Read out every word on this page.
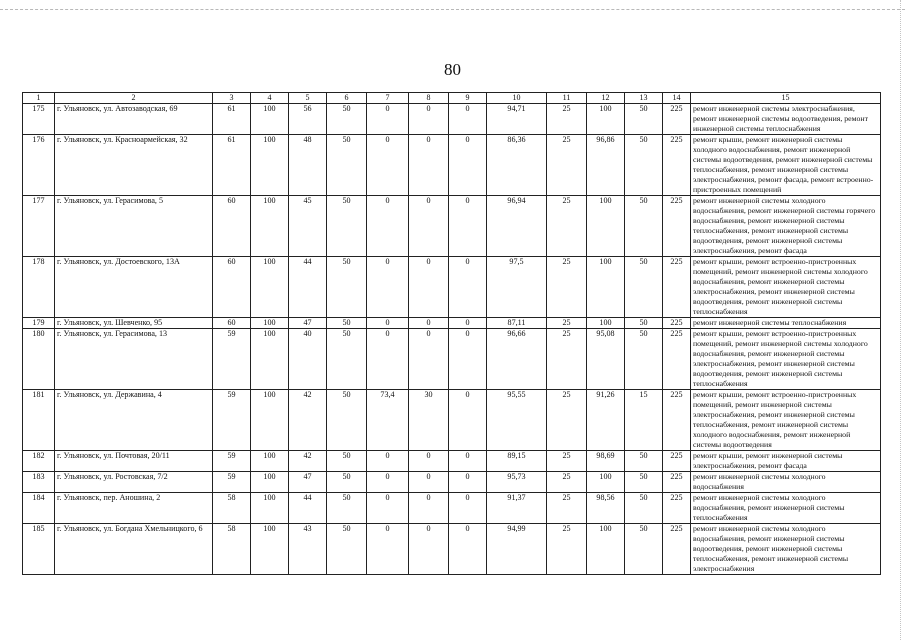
80
1	2	3	4	5	6	7	8	9	10	11	12	13	14	15
175	г. Ульяновск, ул. Автозаводская, 69	61	100	56	50	0	0	0	94,71	25	100	50	225	ремонт инженерной системы электроснабжения, ремонт инженерной системы водоотведения, ремонт инженерной системы теплоснабжения
176	г. Ульяновск, ул. Красноармейская, 32	61	100	48	50	0	0	0	86,36	25	96,86	50	225	ремонт крыши, ремонт инженерной системы холодного водоснабжения, ремонт инженерной системы водоотведения, ремонт инженерной системы теплоснабжения, ремонт инженерной системы электроснабжения, ремонт фасада, ремонт встроенно-пристроенных помещений
177	г. Ульяновск, ул. Герасимова, 5	60	100	45	50	0	0	0	96,94	25	100	50	225	ремонт инженерной системы холодного водоснабжения, ремонт инженерной системы горячего водоснабжения, ремонт инженерной системы теплоснабжения, ремонт инженерной системы водоотведения, ремонт инженерной системы электроснабжения, ремонт фасада
178	г. Ульяновск, ул. Достоевского, 13А	60	100	44	50	0	0	0	97,5	25	100	50	225	ремонт крыши, ремонт встроенно-пристроенных помещений, ремонт инженерной системы холодного водоснабжения, ремонт инженерной системы электроснабжения, ремонт инженерной системы водоотведения, ремонт инженерной системы теплоснабжения
179	г. Ульяновск, ул. Шевченко, 95	60	100	47	50	0	0	0	87,11	25	100	50	225	ремонт инженерной системы теплоснабжения
180	г. Ульяновск, ул. Герасимова, 13	59	100	40	50	0	0	0	96,66	25	95,08	50	225	ремонт крыши, ремонт встроенно-пристроенных помещений, ремонт инженерной системы холодного водоснабжения, ремонт инженерной системы электроснабжения, ремонт инженерной системы водоотведения, ремонт инженерной системы теплоснабжения
181	г. Ульяновск, ул. Державина, 4	59	100	42	50	73,4	30	0	95,55	25	91,26	15	225	ремонт крыши, ремонт встроенно-пристроенных помещений, ремонт инженерной системы электроснабжения, ремонт инженерной системы теплоснабжения, ремонт инженерной системы холодного водоснабжения, ремонт инженерной системы водоотведения
182	г. Ульяновск, ул. Почтовая, 20/11	59	100	42	50	0	0	0	89,15	25	98,69	50	225	ремонт крыши, ремонт инженерной системы электроснабжения, ремонт фасада
183	г. Ульяновск, ул. Ростовская, 7/2	59	100	47	50	0	0	0	95,73	25	100	50	225	ремонт инженерной системы холодного водоснабжения
184	г. Ульяновск, пер. Аношина, 2	58	100	44	50	0	0	0	91,37	25	98,56	50	225	ремонт инженерной системы холодного водоснабжения, ремонт инженерной системы теплоснабжения
185	г. Ульяновск, ул. Богдана Хмельницкого, 6	58	100	43	50	0	0	0	94,99	25	100	50	225	ремонт инженерной системы холодного водоснабжения, ремонт инженерной системы водоотведения, ремонт инженерной системы теплоснабжения, ремонт инженерной системы электроснабжения
